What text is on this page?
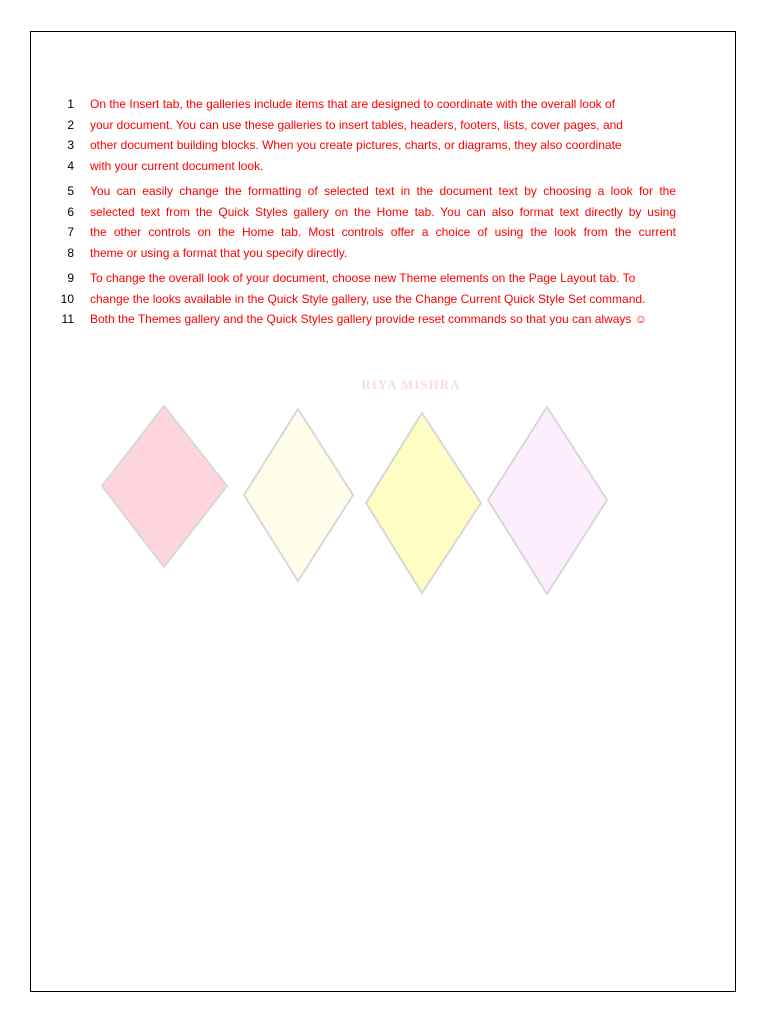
1 On the Insert tab, the galleries include items that are designed to coordinate with the overall look of
2 your document. You can use these galleries to insert tables, headers, footers, lists, cover pages, and
3 other document building blocks. When you create pictures, charts, or diagrams, they also coordinate
4 with your current document look.
5 You can easily change the formatting of selected text in the document text by choosing a look for the
6 selected text from the Quick Styles gallery on the Home tab. You can also format text directly by using
7 the other controls on the Home tab. Most controls offer a choice of using the look from the current
8 theme or using a format that you specify directly.
9 To change the overall look of your document, choose new Theme elements on the Page Layout tab. To
10 change the looks available in the Quick Style gallery, use the Change Current Quick Style Set command.
11 Both the Themes gallery and the Quick Styles gallery provide reset commands so that you can always ☺
RIYA MISHRA
